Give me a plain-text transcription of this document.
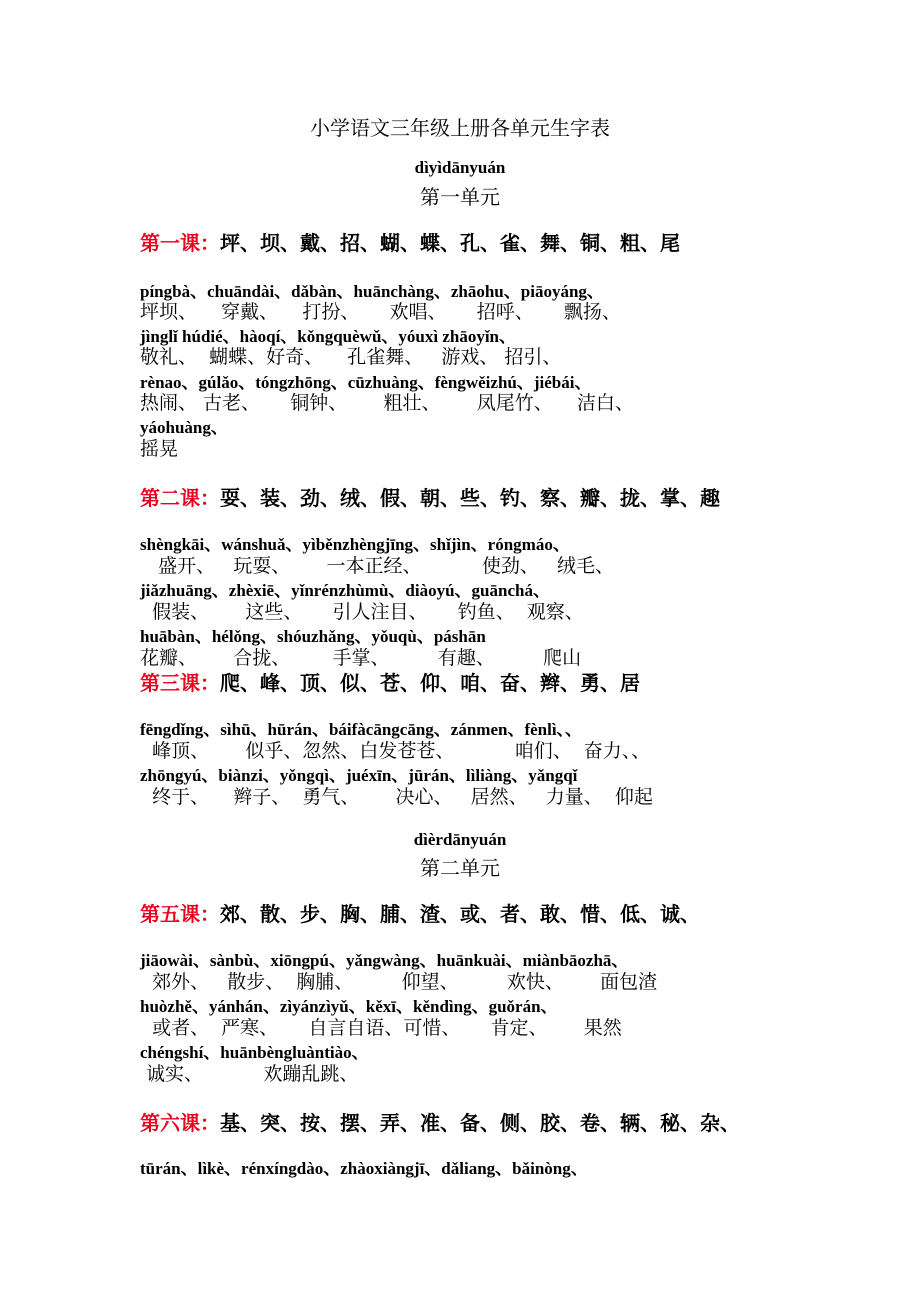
小学语文三年级上册各单元生字表
dìyìdānyuán
第一单元
第一课：坪、坝、戴、招、蝴、蝶、孔、雀、舞、铜、粗、尾
píngbà、chuāndài、dǎbàn、huānchàng、zhāohu、piāoyáng、
坪坝、    穿戴、    打扮、     欢唱、     招呼、     飘扬、
jìnglǐ húdié、hàoqí、kǒngquèwǔ、yóuxì zhāoyǐn、
敬礼、  蝴蝶、好奇、    孔雀舞、   游戏、 招引、
rènao、gúlǎo、tóngzhōng、cūzhuàng、fèngwěizhú、jiébái、
热闹、 古老、     铜钟、      粗壮、      凤尾竹、    洁白、
yáohuàng、
摇晃
第二课：耍、装、劲、绒、假、朝、些、钓、察、瓣、拢、掌、趣
shèngkāi、wánshuǎ、yìběnzhèngjīng、shǐjìn、róngmáo、
盛开、   玩耍、      一本正经、          使劲、   绒毛、
jiǎzhuāng、zhèxiē、yǐnrénzhùmù、diàoyú、guānchá、
假装、      这些、     引人注目、     钓鱼、  观察、
huābàn、hélǒng、shóuzhǎng、yǒuqù、páshān
花瓣、      合拢、       手掌、        有趣、        爬山
第三课：爬、峰、顶、似、苍、仰、咱、奋、辫、勇、居
fēngdǐng、sìhū、hūrán、báifàcāngcāng、zánmen、fènlì、、
峰顶、      似乎、忽然、白发苍苍、          咱们、  奋力、、
zhōngyú、biànzi、yǒngqì、juéxīn、jūrán、lìliàng、yǎngqǐ
终于、    辫子、  勇气、      决心、   居然、   力量、  仰起
dìèrdānyuán
第二单元
第五课：郊、散、步、胸、脯、渣、或、者、敢、惜、低、诚、
jiāowài、sànbù、xiōngpú、yǎngwàng、huānkuài、miànbāozhā、
郊外、   散步、  胸脯、        仰望、        欢快、      面包渣
huòzhě、yánhán、zìyánzìyǔ、kěxī、kěndìng、guǒrán、
或者、  严寒、     自言自语、可惜、     肯定、      果然
chéngshí、huānbèngluàntiào、
诚实、          欢蹦乱跳、
第六课：基、突、按、摆、弄、准、备、侧、胶、卷、辆、秘、杂、
tūrán、lìkè、rénxíngdào、zhàoxiàngjī、dǎliang、bǎinòng、
